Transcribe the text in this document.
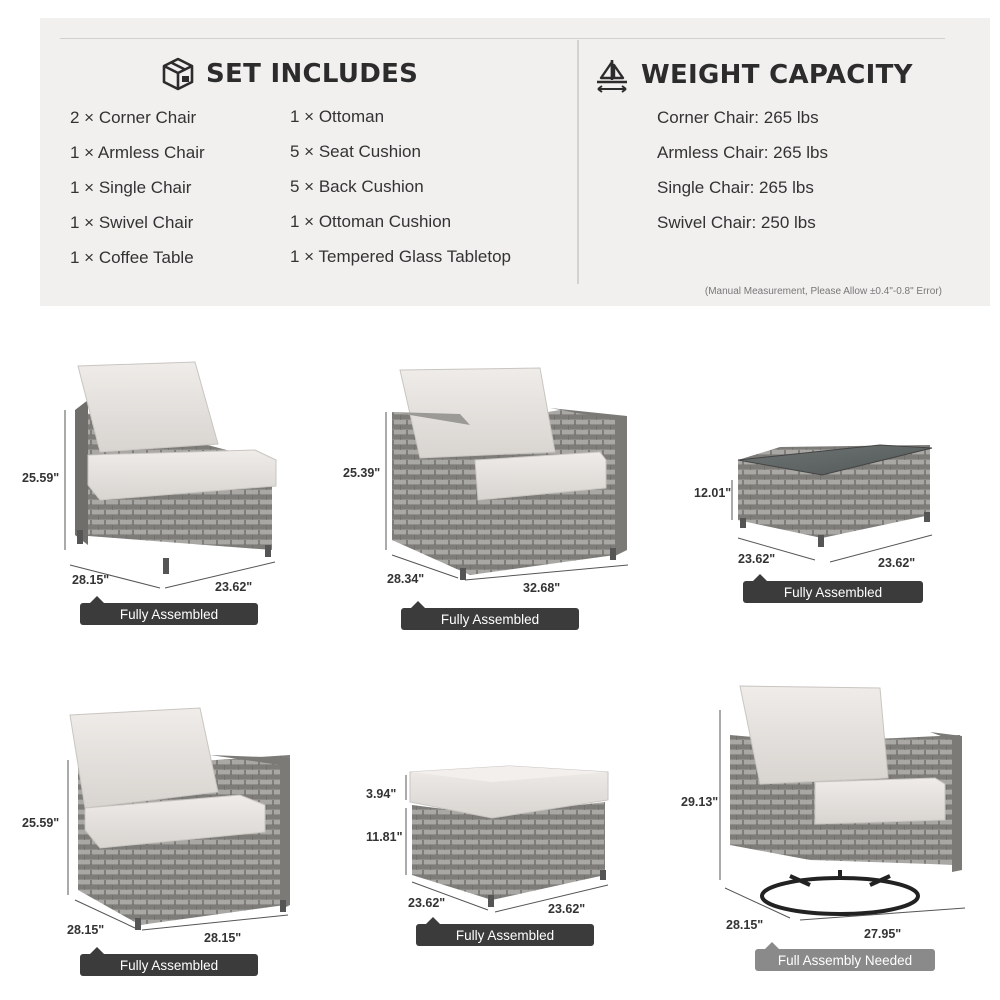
SET INCLUDES	WEIGHT CAPACITY
2 × Corner Chair
1 × Armless Chair
1 × Single Chair
1 × Swivel Chair
1 × Coffee Table
1 × Ottoman
5 × Seat Cushion
5 × Back Cushion
1 × Ottoman Cushion
1 × Tempered Glass Tabletop
Corner Chair: 265 lbs
Armless Chair: 265 lbs
Single Chair: 265 lbs
Swivel Chair: 250 lbs
(Manual Measurement, Please Allow ±0.4"-0.8" Error)
25.59"
28.15"	23.62"
Fully Assembled
25.39"
28.34"
32.68"
Fully Assembled
12.01"
23.62"	23.62"
Fully Assembled
25.59"
28.15"
28.15"
Fully Assembled
3.94"
11.81"
23.62"	23.62"
Fully Assembled
29.13"
28.15"
27.95"
Full Assembly Needed
